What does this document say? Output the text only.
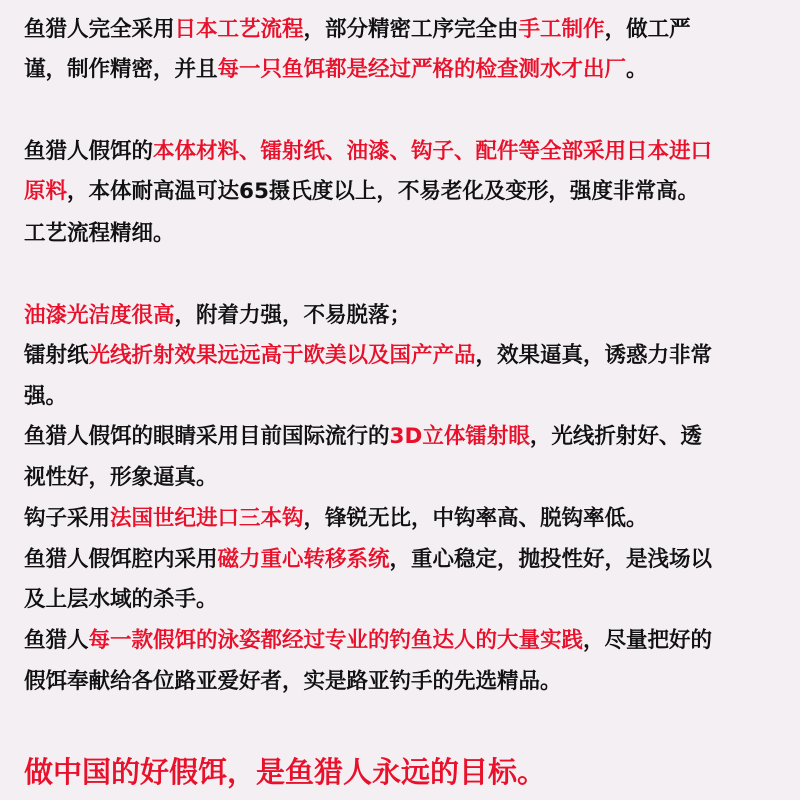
鱼猎人完全采用日本工艺流程，部分精密工序完全由手工制作，做工严
谨，制作精密，并且每一只鱼饵都是经过严格的检查测水才出厂。
鱼猎人假饵的本体材料、镭射纸、油漆、钩子、配件等全部采用日本进口
原料，本体耐高温可达65摄氏度以上，不易老化及变形，强度非常高。
工艺流程精细。
油漆光洁度很高，附着力强，不易脱落；
镭射纸光线折射效果远远高于欧美以及国产产品，效果逼真，诱惑力非常
强。
鱼猎人假饵的眼睛采用目前国际流行的3D立体镭射眼，光线折射好、透
视性好，形象逼真。
钩子采用法国世纪进口三本钩，锋锐无比，中钩率高、脱钩率低。
鱼猎人假饵腔内采用磁力重心转移系统，重心稳定，抛投性好，是浅场以
及上层水域的杀手。
鱼猎人每一款假饵的泳姿都经过专业的钓鱼达人的大量实践，尽量把好的
假饵奉献给各位路亚爱好者，实是路亚钓手的先选精品。
做中国的好假饵，是鱼猎人永远的目标。
